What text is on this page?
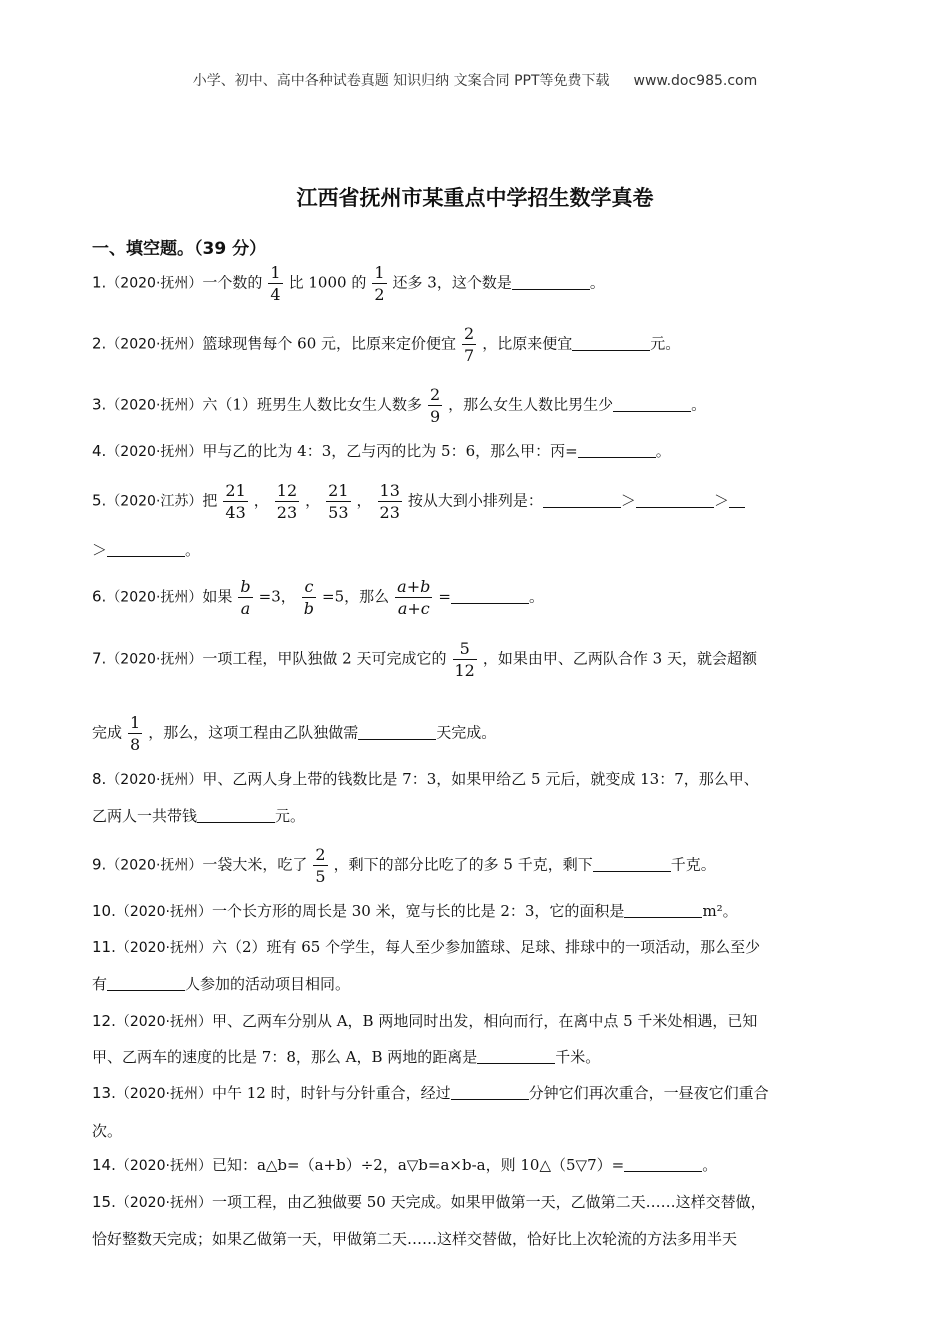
小学、初中、高中各种试卷真题 知识归纳 文案合同 PPT等免费下载 www.doc985.com
江西省抚州市某重点中学招生数学真卷
一、填空题。（39 分）
1.（2020·抚州）一个数的 $\frac{1}{4}$ 比 1000 的 $\frac{1}{2}$ 还多 3，这个数是	。
2.（2020·抚州）篮球现售每个 60 元，比原来定价便宜 $\frac{2}{7}$ ，比原来便宜	元。
3.（2020·抚州）六（1）班男生人数比女生人数多 $\frac{2}{9}$ ，那么女生人数比男生少	。
4.（2020·抚州）甲与乙的比为 4：3，乙与丙的比为 5：6，那么甲：丙=	。
5.（2020·江苏）把 $\frac{21}{43}$ ， $\frac{12}{23}$ ， $\frac{21}{53}$ ， $\frac{13}{23}$ 按从大到小排列是：	＞	＞
＞	。
6.（2020·抚州）如果 $\frac{b}{a} =3$， $\frac{c}{b} =5$，那么 $\frac{a+b}{a+c}$ =	。
7.（2020·抚州）一项工程，甲队独做 2 天可完成它的 $\frac{5}{12}$ ，如果由甲、乙两队合作 3 天，就会超额
完成 $\frac{1}{8}$ ，那么，这项工程由乙队独做需	天完成。
8.（2020·抚州）甲、乙两人身上带的钱数比是 7：3，如果甲给乙 5 元后，就变成 13：7，那么甲、
乙两人一共带钱	元。
9.（2020·抚州）一袋大米，吃了 $\frac{2}{5}$ ，剩下的部分比吃了的多 5 千克，剩下	千克。
10.（2020·抚州）一个长方形的周长是 30 米，宽与长的比是 2：3，它的面积是	m²。
11.（2020·抚州）六（2）班有 65 个学生，每人至少参加篮球、足球、排球中的一项活动，那么至少
有	人参加的活动项目相同。
12.（2020·抚州）甲、乙两车分别从 A，B 两地同时出发，相向而行，在离中点 5 千米处相遇，已知
甲、乙两车的速度的比是 7：8，那么 A，B 两地的距离是	千米。
13.（2020·抚州）中午 12 时，时针与分针重合，经过	分钟它们再次重合，一昼夜它们重合
次。
14.（2020·抚州）已知：a△b=（a+b）÷2，a▽b=a×b-a，则 10△（5▽7）=	。
15.（2020·抚州）一项工程，由乙独做要 50 天完成。如果甲做第一天，乙做第二天……这样交替做，
恰好整数天完成；如果乙做第一天，甲做第二天……这样交替做，恰好比上次轮流的方法多用半天
